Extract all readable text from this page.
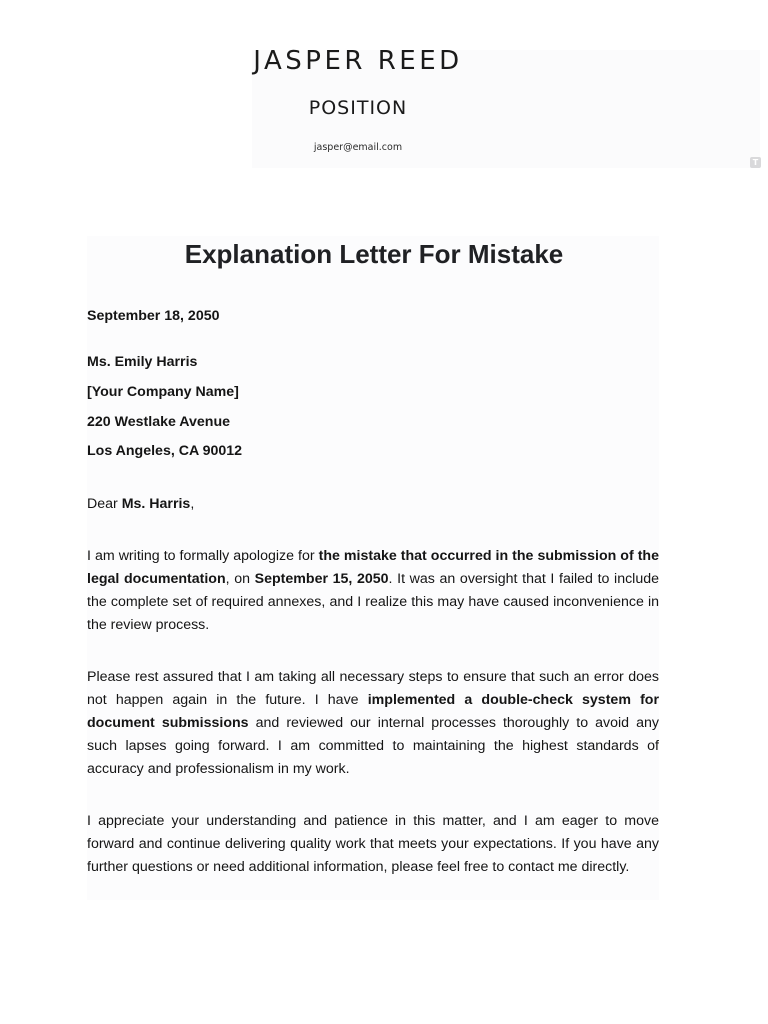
JASPER REED
POSITION
jasper@email.com
T
Explanation Letter For Mistake
September 18, 2050
Ms. Emily Harris
[Your Company Name]
220 Westlake Avenue
Los Angeles, CA 90012
Dear Ms. Harris,

I am writing to formally apologize for the mistake that occurred in the submission of the legal documentation, on September 15, 2050. It was an oversight that I failed to include the complete set of required annexes, and I realize this may have caused inconvenience in the review process.

Please rest assured that I am taking all necessary steps to ensure that such an error does not happen again in the future. I have implemented a double-check system for document submissions and reviewed our internal processes thoroughly to avoid any such lapses going forward. I am committed to maintaining the highest standards of accuracy and professionalism in my work.

I appreciate your understanding and patience in this matter, and I am eager to move forward and continue delivering quality work that meets your expectations. If you have any further questions or need additional information, please feel free to contact me directly.
